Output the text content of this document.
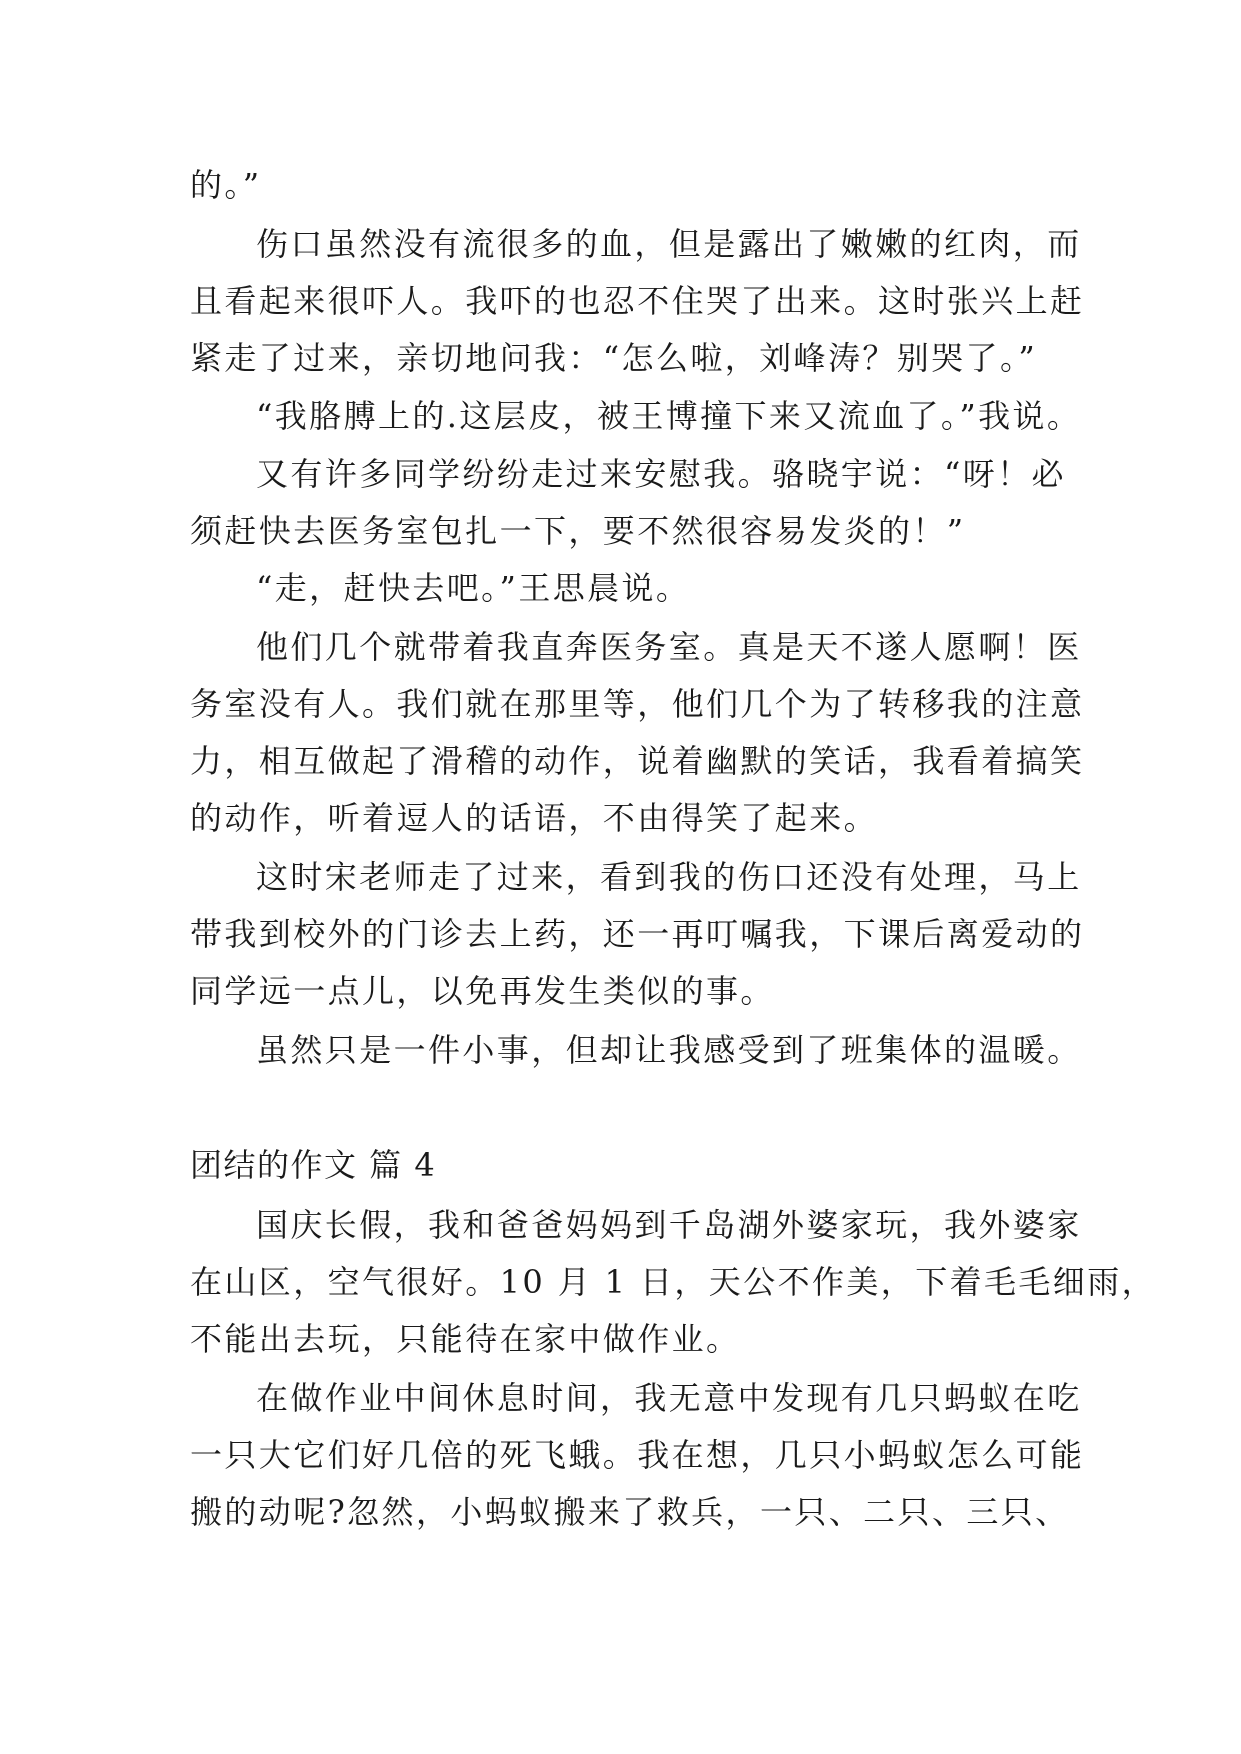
的。”
伤口虽然没有流很多的血，但是露出了嫩嫩的红肉，而
且看起来很吓人。我吓的也忍不住哭了出来。这时张兴上赶
紧走了过来，亲切地问我：“怎么啦，刘峰涛？别哭了。”
“我胳膊上的.这层皮，被王博撞下来又流血了。”我说。
又有许多同学纷纷走过来安慰我。骆晓宇说：“呀！必
须赶快去医务室包扎一下，要不然很容易发炎的！”
“走，赶快去吧。”王思晨说。
他们几个就带着我直奔医务室。真是天不遂人愿啊！医
务室没有人。我们就在那里等，他们几个为了转移我的注意
力，相互做起了滑稽的动作，说着幽默的笑话，我看着搞笑
的动作，听着逗人的话语，不由得笑了起来。
这时宋老师走了过来，看到我的伤口还没有处理，马上
带我到校外的门诊去上药，还一再叮嘱我，下课后离爱动的
同学远一点儿，以免再发生类似的事。
虽然只是一件小事，但却让我感受到了班集体的温暖。
团结的作文 篇 4
国庆长假，我和爸爸妈妈到千岛湖外婆家玩，我外婆家
在山区，空气很好。10 月 1 日，天公不作美，下着毛毛细雨，
不能出去玩，只能待在家中做作业。
在做作业中间休息时间，我无意中发现有几只蚂蚁在吃
一只大它们好几倍的死飞蛾。我在想，几只小蚂蚁怎么可能
搬的动呢?忽然，小蚂蚁搬来了救兵，一只、二只、三只、
